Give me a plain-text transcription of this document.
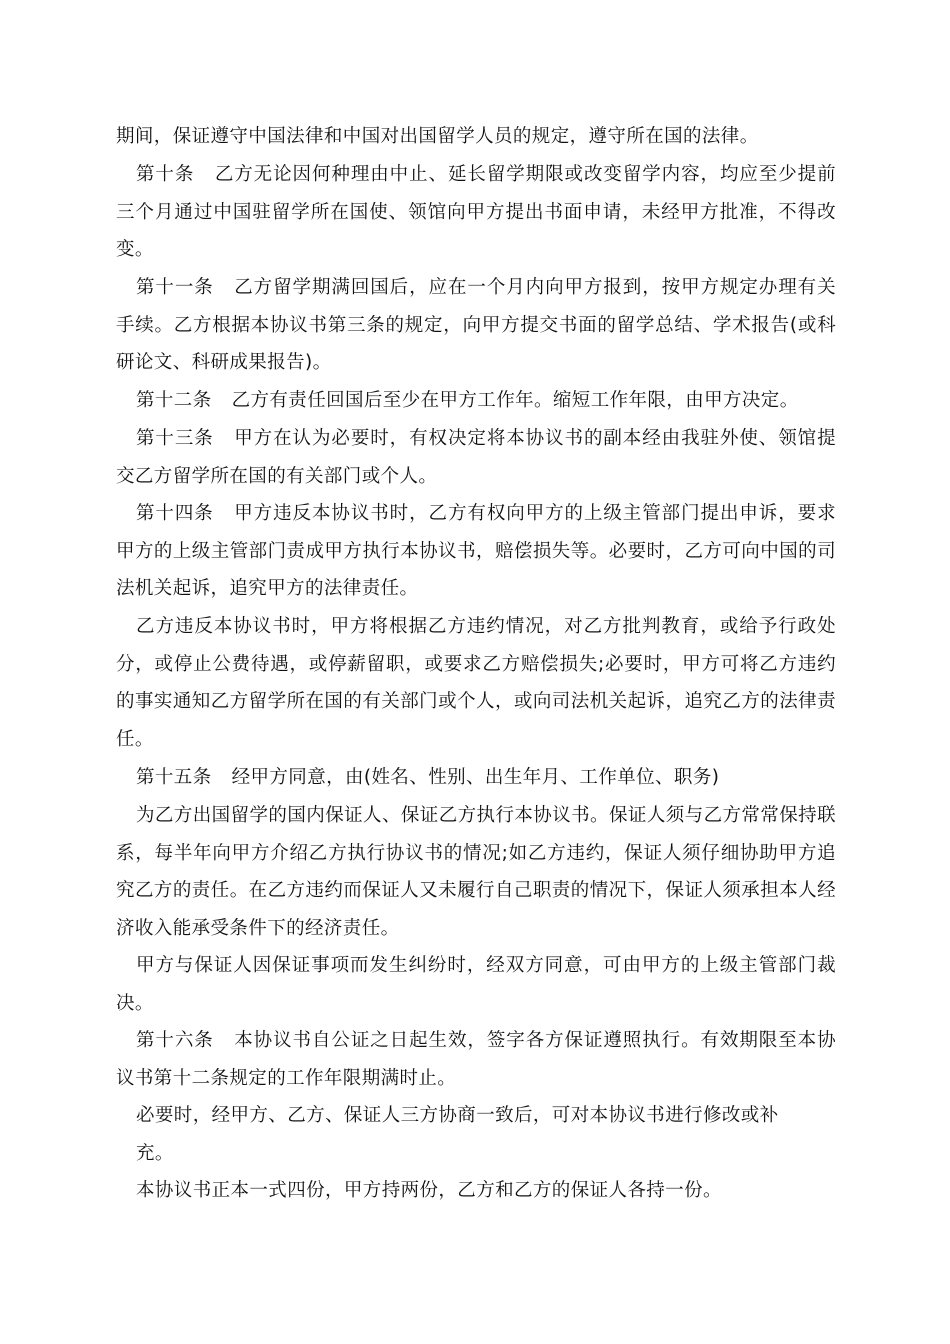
期间，保证遵守中国法律和中国对出国留学人员的规定，遵守所在国的法律。

第十条 乙方无论因何种理由中止、延长留学期限或改变留学内容，均应至少提前三个月通过中国驻留学所在国使、领馆向甲方提出书面申请，未经甲方批准，不得改变。

第十一条 乙方留学期满回国后，应在一个月内向甲方报到，按甲方规定办理有关手续。乙方根据本协议书第三条的规定，向甲方提交书面的留学总结、学术报告(或科研论文、科研成果报告)。

第十二条 乙方有责任回国后至少在甲方工作年。缩短工作年限，由甲方决定。

第十三条 甲方在认为必要时，有权决定将本协议书的副本经由我驻外使、领馆提交乙方留学所在国的有关部门或个人。

第十四条 甲方违反本协议书时，乙方有权向甲方的上级主管部门提出申诉，要求甲方的上级主管部门责成甲方执行本协议书，赔偿损失等。必要时，乙方可向中国的司法机关起诉，追究甲方的法律责任。

乙方违反本协议书时，甲方将根据乙方违约情况，对乙方批判教育，或给予行政处分，或停止公费待遇，或停薪留职，或要求乙方赔偿损失;必要时，甲方可将乙方违约的事实通知乙方留学所在国的有关部门或个人，或向司法机关起诉，追究乙方的法律责任。

第十五条 经甲方同意，由(姓名、性别、出生年月、工作单位、职务)

为乙方出国留学的国内保证人、保证乙方执行本协议书。保证人须与乙方常常保持联系，每半年向甲方介绍乙方执行协议书的情况;如乙方违约，保证人须仔细协助甲方追究乙方的责任。在乙方违约而保证人又未履行自己职责的情况下，保证人须承担本人经济收入能承受条件下的经济责任。

甲方与保证人因保证事项而发生纠纷时，经双方同意，可由甲方的上级主管部门裁决。

第十六条 本协议书自公证之日起生效，签字各方保证遵照执行。有效期限至本协议书第十二条规定的工作年限期满时止。

必要时，经甲方、乙方、保证人三方协商一致后，可对本协议书进行修改或补

充。

本协议书正本一式四份，甲方持两份，乙方和乙方的保证人各持一份。
